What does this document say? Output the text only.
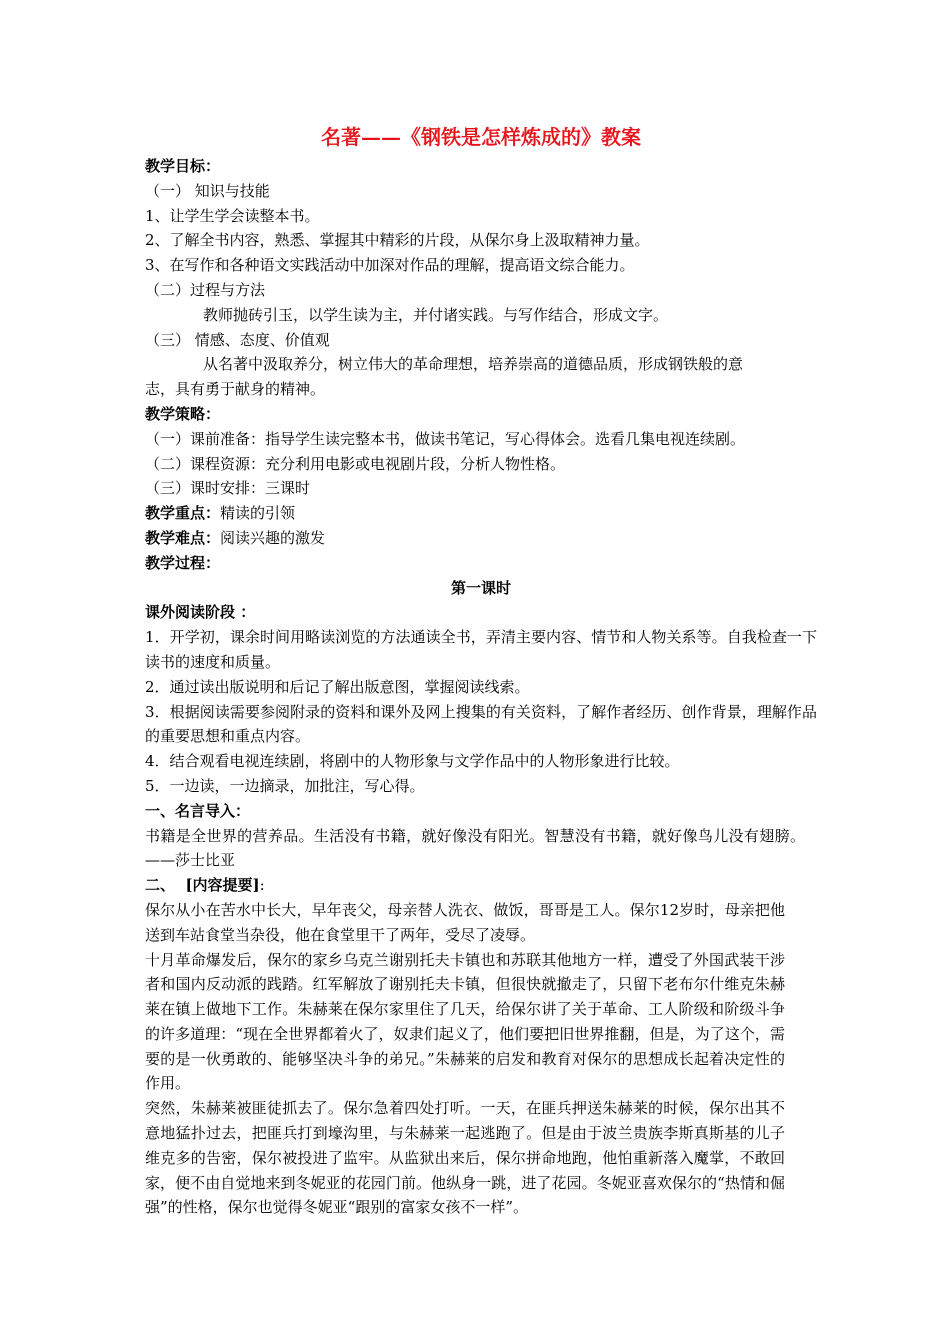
名著——《钢铁是怎样炼成的》教案
教学目标：
（一） 知识与技能
1、让学生学会读整本书。
2、了解全书内容，熟悉、掌握其中精彩的片段，从保尔身上汲取精神力量。
3、在写作和各种语文实践活动中加深对作品的理解，提高语文综合能力。
（二）过程与方法
教师抛砖引玉，以学生读为主，并付诸实践。与写作结合，形成文字。
（三） 情感、态度、价值观
从名著中汲取养分，树立伟大的革命理想，培养崇高的道德品质，形成钢铁般的意
志，具有勇于献身的精神。
教学策略：
（一）课前准备：指导学生读完整本书，做读书笔记，写心得体会。选看几集电视连续剧。
（二）课程资源：充分利用电影或电视剧片段，分析人物性格。
（三）课时安排：三课时
教学重点：精读的引领
教学难点：阅读兴趣的激发
教学过程：
第一课时
课外阅读阶段 ：
1．开学初，课余时间用略读浏览的方法通读全书，弄清主要内容、情节和人物关系等。自我检查一下读书的速度和质量。
2．通过读出版说明和后记了解出版意图，掌握阅读线索。
3．根据阅读需要参阅附录的资料和课外及网上搜集的有关资料，了解作者经历、创作背景，理解作品的重要思想和重点内容。
4．结合观看电视连续剧，将剧中的人物形象与文学作品中的人物形象进行比较。
5．一边读，一边摘录，加批注，写心得。
一、名言导入：
书籍是全世界的营养品。生活没有书籍，就好像没有阳光。智慧没有书籍，就好像鸟儿没有翅膀。——莎士比亚
二、  [内容提要]:
保尔从小在苦水中长大，早年丧父，母亲替人洗衣、做饭，哥哥是工人。保尔12岁时，母亲把他送到车站食堂当杂役，他在食堂里干了两年，受尽了凌辱。
十月革命爆发后，保尔的家乡乌克兰谢别托夫卡镇也和苏联其他地方一样，遭受了外国武装干涉者和国内反动派的践踏。红军解放了谢别托夫卡镇，但很快就撤走了，只留下老布尔什维克朱赫莱在镇上做地下工作。朱赫莱在保尔家里住了几天，给保尔讲了关于革命、工人阶级和阶级斗争的许多道理：“现在全世界都着火了，奴隶们起义了，他们要把旧世界推翻，但是，为了这个，需要的是一伙勇敢的、能够坚决斗争的弟兄。”朱赫莱的启发和教育对保尔的思想成长起着决定性的作用。
突然，朱赫莱被匪徒抓去了。保尔急着四处打听。一天，在匪兵押送朱赫莱的时候，保尔出其不意地猛扑过去，把匪兵打到壕沟里，与朱赫莱一起逃跑了。但是由于波兰贵族李斯真斯基的儿子维克多的告密，保尔被投进了监牢。从监狱出来后，保尔拼命地跑，他怕重新落入魔掌，不敢回家，便不由自觉地来到冬妮亚的花园门前。他纵身一跳，进了花园。冬妮亚喜欢保尔的“热情和倔强”的性格，保尔也觉得冬妮亚“跟别的富家女孩不一样”。
